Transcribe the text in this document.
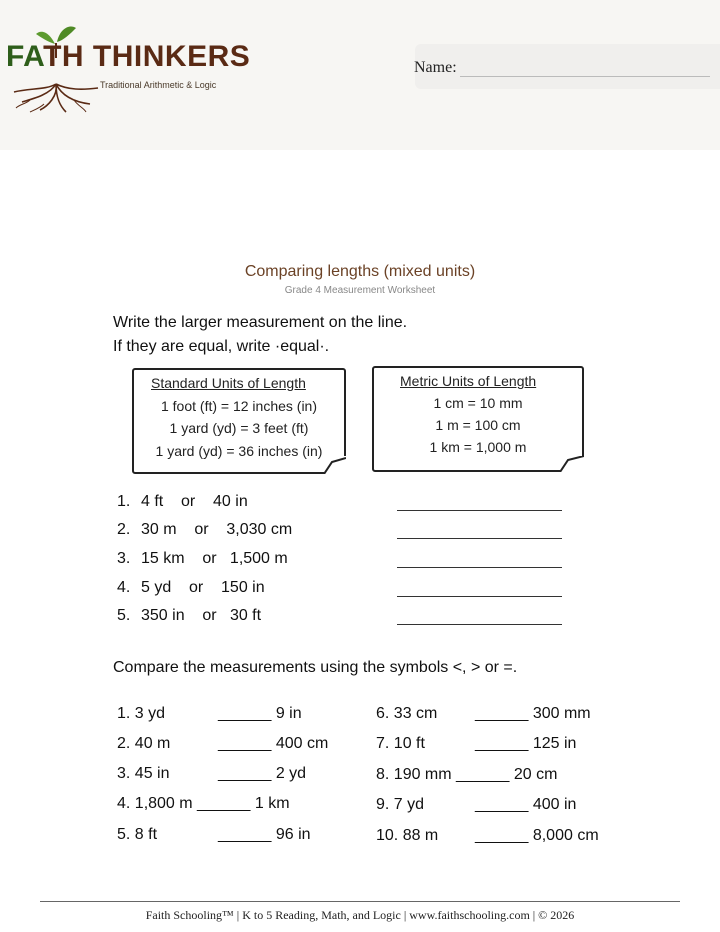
FATH THINKERS
Traditional Arithmetic & Logic
Name:
Comparing lengths (mixed units)
Grade 4 Measurement Worksheet
Write the larger measurement on the line.
If they are equal, write ·equal·.
Standard Units of Length
1 foot (ft) = 12 inches (in)
1 yard (yd) = 3 feet (ft)
1 yard (yd) = 36 inches (in)
Metric Units of Length
1 cm = 10 mm
1 m = 100 cm
1 km = 1,000 m
1. 4 ft    or    40 in
2. 30 m    or    3,030 cm
3. 15 km    or   1,500 m
4. 5 yd    or    150 in
5. 350 in    or   30 ft
Compare the measurements using the symbols <, > or =.
1. 3 yd	______ 9 in
2. 40 m	______ 400 cm
3. 45 in	______ 2 yd
4. 1,800 m ______ 1 km
5. 8 ft	______ 96 in
6. 33 cm ______ 300 mm
7. 10 ft	______ 125 in
8. 190 mm ______ 20 cm
9. 7 yd	______ 400 in
10. 88 m ______ 8,000 cm
Faith Schooling™ | K to 5 Reading, Math, and Logic | www.faithschooling.com | © 2026
